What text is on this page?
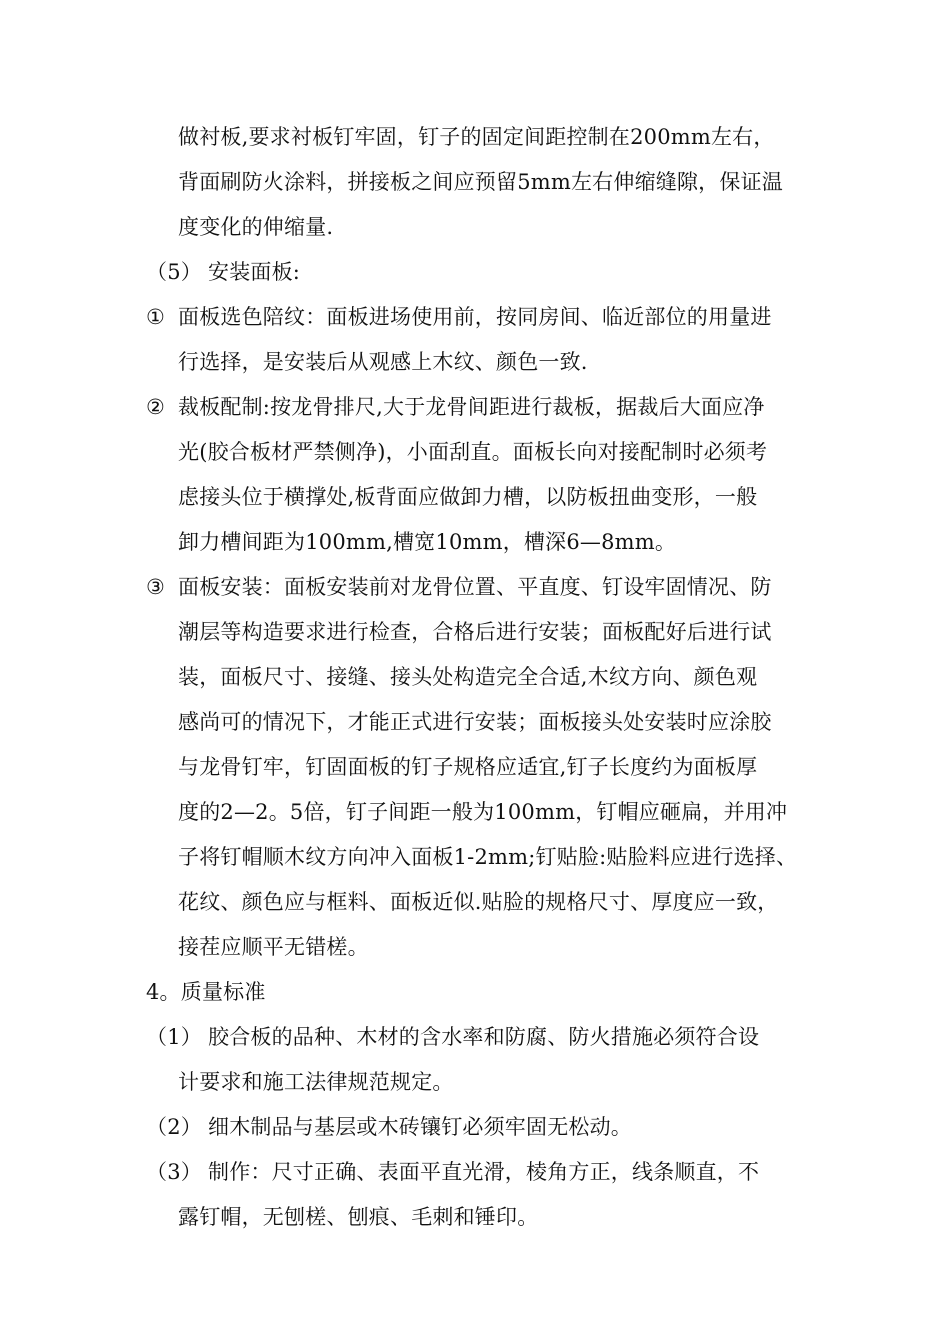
做衬板,要求衬板钉牢固，钉子的固定间距控制在200mm左右，
背面刷防火涂料，拼接板之间应预留5mm左右伸缩缝隙，保证温
度变化的伸缩量.
（5） 安装面板:
① 面板选色陪纹：面板进场使用前，按同房间、临近部位的用量进
行选择，是安装后从观感上木纹、颜色一致.
② 裁板配制:按龙骨排尺,大于龙骨间距进行裁板，据裁后大面应净
光(胶合板材严禁侧净)，小面刮直。面板长向对接配制时必须考
虑接头位于横撑处,板背面应做卸力槽，以防板扭曲变形，一般
卸力槽间距为100mm,槽宽10mm，槽深6—8mm。
③ 面板安装：面板安装前对龙骨位置、平直度、钉设牢固情况、防
潮层等构造要求进行检查，合格后进行安装；面板配好后进行试
装，面板尺寸、接缝、接头处构造完全合适,木纹方向、颜色观
感尚可的情况下，才能正式进行安装；面板接头处安装时应涂胶
与龙骨钉牢，钉固面板的钉子规格应适宜,钉子长度约为面板厚
度的2—2。5倍，钉子间距一般为100mm，钉帽应砸扁，并用冲
子将钉帽顺木纹方向冲入面板1-2mm;钉贴脸:贴脸料应进行选择、
花纹、颜色应与框料、面板近似.贴脸的规格尺寸、厚度应一致，
接茬应顺平无错槎。
4。质量标准
（1） 胶合板的品种、木材的含水率和防腐、防火措施必须符合设
计要求和施工法律规范规定。
（2） 细木制品与基层或木砖镶钉必须牢固无松动。
（3） 制作：尺寸正确、表面平直光滑，棱角方正，线条顺直，不
露钉帽，无刨槎、刨痕、毛刺和锤印。
